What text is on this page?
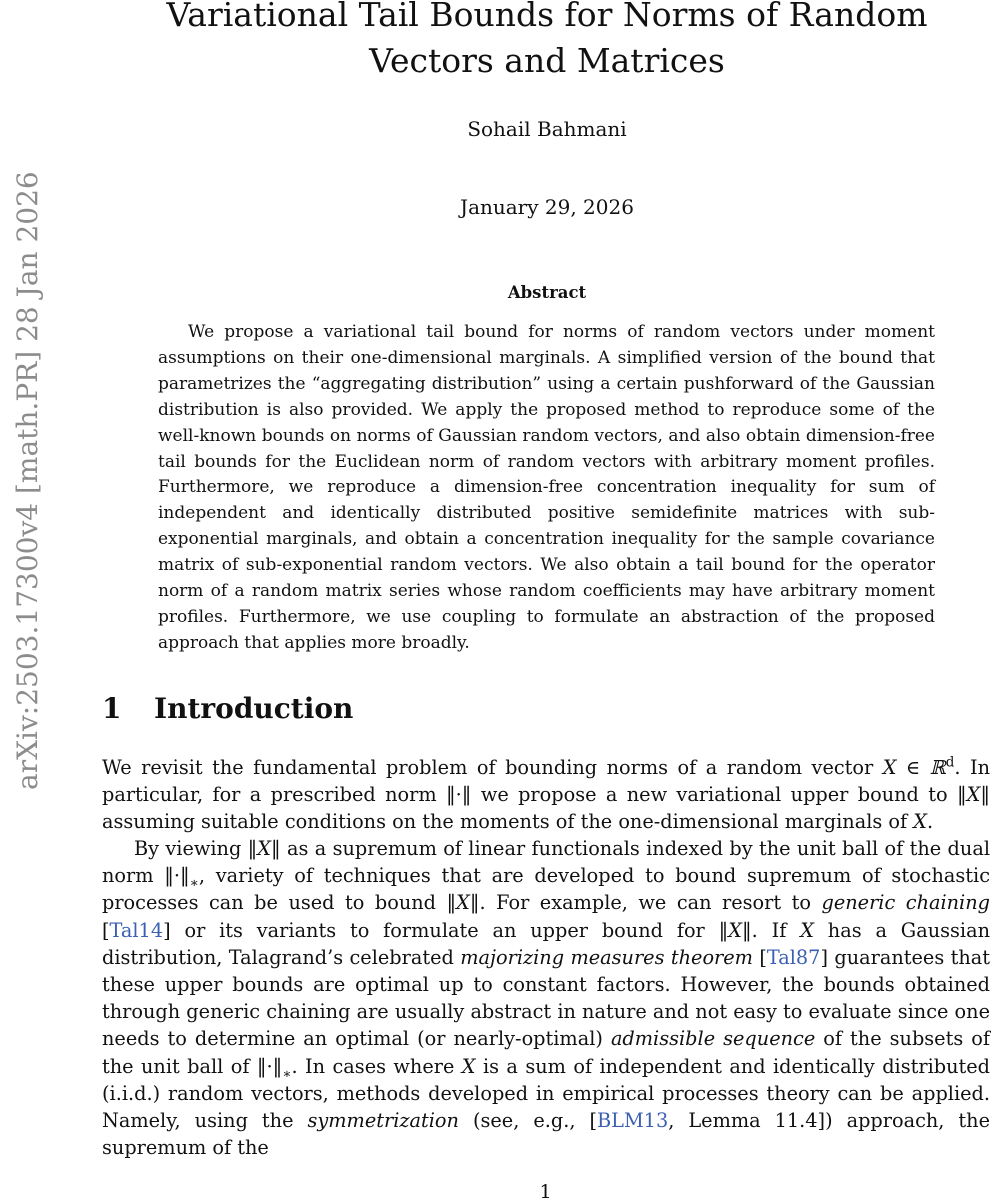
arXiv:2503.17300v4 [math.PR] 28 Jan 2026
Variational Tail Bounds for Norms of Random Vectors and Matrices
Sohail Bahmani
January 29, 2026
Abstract

We propose a variational tail bound for norms of random vectors under moment assumptions on their one-dimensional marginals. A simplified version of the bound that parametrizes the “aggregating distribution” using a certain pushforward of the Gaussian distribution is also provided. We apply the proposed method to reproduce some of the well-known bounds on norms of Gaussian random vectors, and also obtain dimension-free tail bounds for the Euclidean norm of random vectors with arbitrary moment profiles. Furthermore, we reproduce a dimension-free concentration inequality for sum of independent and identically distributed positive semidefinite matrices with sub-exponential marginals, and obtain a concentration inequality for the sample covariance matrix of sub-exponential random vectors. We also obtain a tail bound for the operator norm of a random matrix series whose random coefficients may have arbitrary moment profiles. Furthermore, we use coupling to formulate an abstraction of the proposed approach that applies more broadly.

1 Introduction

We revisit the fundamental problem of bounding norms of a random vector X ∈ ℝ$^d$. In particular, for a prescribed norm ‖·‖ we propose a new variational upper bound to ‖X‖ assuming suitable conditions on the moments of the one-dimensional marginals of X.

By viewing ‖X‖ as a supremum of linear functionals indexed by the unit ball of the dual norm $‖\cdot‖_∗$, variety of techniques that are developed to bound supremum of stochastic processes can be used to bound ‖X‖. For example, we can resort to generic chaining [Tal14] or its variants to formulate an upper bound for ‖X‖. If X has a Gaussian distribution, Talagrand’s celebrated majorizing measures theorem [Tal87] guarantees that these upper bounds are optimal up to constant factors. However, the bounds obtained through generic chaining are usually abstract in nature and not easy to evaluate since one needs to determine an optimal (or nearly-optimal) admissible sequence of the subsets of the unit ball of $‖\cdot‖_∗$. In cases where X is a sum of independent and identically distributed (i.i.d.) random vectors, methods developed in empirical processes theory can be applied. Namely, using the symmetrization (see, e.g., [BLM13, Lemma 11.4]) approach, the supremum of the

1
